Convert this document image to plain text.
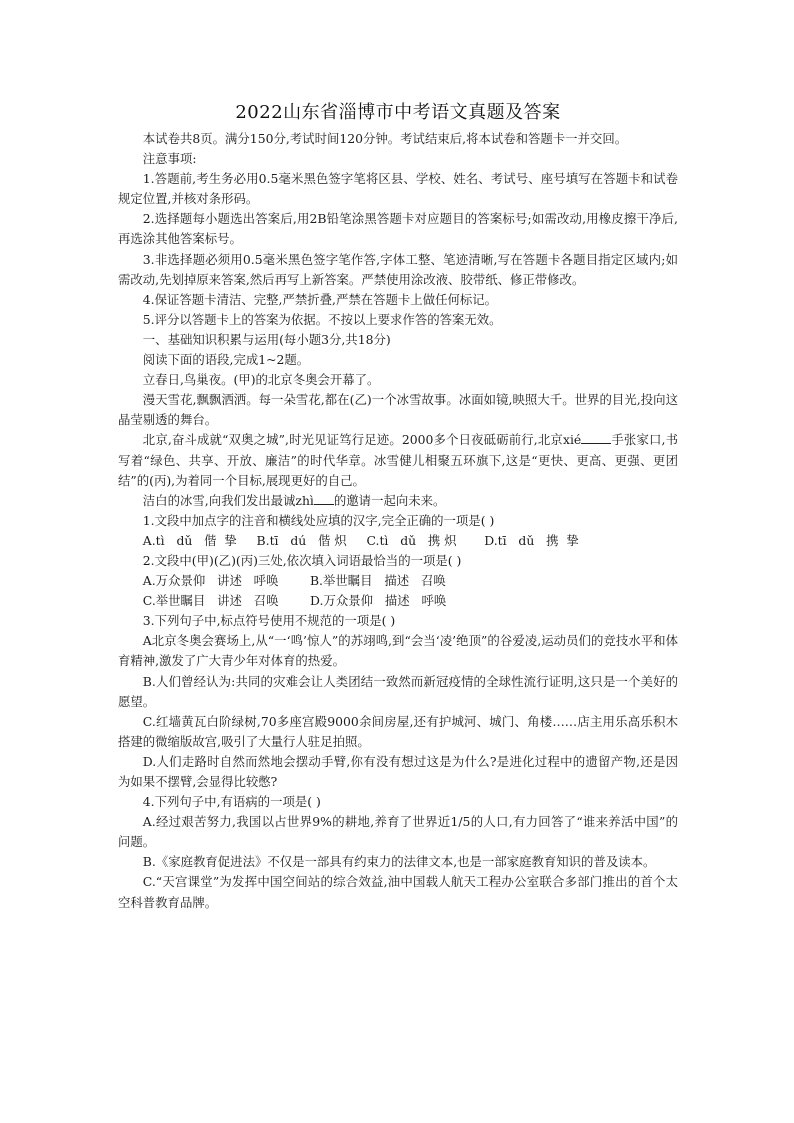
2022山东省淄博市中考语文真题及答案

本试卷共8页。满分150分,考试时间120分钟。考试结束后,将本试卷和答题卡一并交回。

注意事项:

1.答题前,考生务必用0.5毫米黑色签字笔将区县、学校、姓名、考试号、座号填写在答题卡和试卷规定位置,并核对条形码。

2.选择题每小题选出答案后,用2B铅笔涂黑答题卡对应题目的答案标号;如需改动,用橡皮擦干净后,再选涂其他答案标号。

3.非选择题必须用0.5毫米黑色签字笔作答,字体工整、笔迹清晰,写在答题卡各题目指定区域内;如需改动,先划掉原来答案,然后再写上新答案。严禁使用涂改液、胶带纸、修正带修改。

4.保证答题卡清洁、完整,严禁折叠,严禁在答题卡上做任何标记。

5.评分以答题卡上的答案为依据。不按以上要求作答的答案无效。

一、基础知识积累与运用(每小题3分,共18分)

阅读下面的语段,完成1~2题。

立春日,鸟巢夜。(甲)的北京冬奥会开幕了。

漫天雪花,飘飘洒洒。每一朵雪花,都在(乙)一个冰雪故事。冰面如镜,映照大千。世界的目光,投向这晶莹剔透的舞台。

北京,奋斗成就“双奥之城”,时光见证笃行足迹。2000多个日夜砥砺前行,北京xié 手张家口,书写着“绿色、共享、开放、廉洁”的时代华章。冰雪健儿相聚五环旗下,这是“更快、更高、更强、更团结”的(丙),为着同一个目标,展现更好的自己。

洁白的冰雪,向我们发出最诚zhì 的邀请一起向未来。

1.文段中加点字的注音和横线处应填的汉字,完全正确的一项是( )

A.tì   dǔ   偕  挚     B.tī   dú   偕 炽     C.tì   dǔ   携 炽       D.tī   dǔ   携  挚

2.文段中(甲)(乙)(丙)三处,依次填入词语最恰当的一项是( )

A.万众景仰   讲述   呼唤        B.举世瞩目   描述   召唤
C.举世瞩目   讲述   召唤        D.万众景仰   描述   呼唤

3.下列句子中,标点符号使用不规范的一项是( )

A北京冬奥会赛场上,从“一‘鸣’惊人”的苏翊鸣,到“会当‘凌’绝顶”的谷爱凌,运动员们的竞技水平和体育精神,激发了广大青少年对体育的热爱。

B.人们曾经认为:共同的灾难会让人类团结一致然而新冠疫情的全球性流行证明,这只是一个美好的愿望。

C.红墙黄瓦白阶绿树,70多座宫殿9000余间房屋,还有护城河、城门、角楼……店主用乐高乐积木搭建的微缩版故宫,吸引了大量行人驻足拍照。

D.人们走路时自然而然地会摆动手臂,你有没有想过这是为什么?是进化过程中的遗留产物,还是因为如果不摆臂,会显得比较憋?

4.下列句子中,有语病的一项是( )

A.经过艰苦努力,我国以占世界9%的耕地,养育了世界近1/5的人口,有力回答了“谁来养活中国”的问题。

B.《家庭教育促进法》不仅是一部具有约束力的法律文本,也是一部家庭教育知识的普及读本。

C.“天宫课堂”为发挥中国空间站的综合效益,油中国载人航天工程办公室联合多部门推出的首个太空科普教育品牌。
